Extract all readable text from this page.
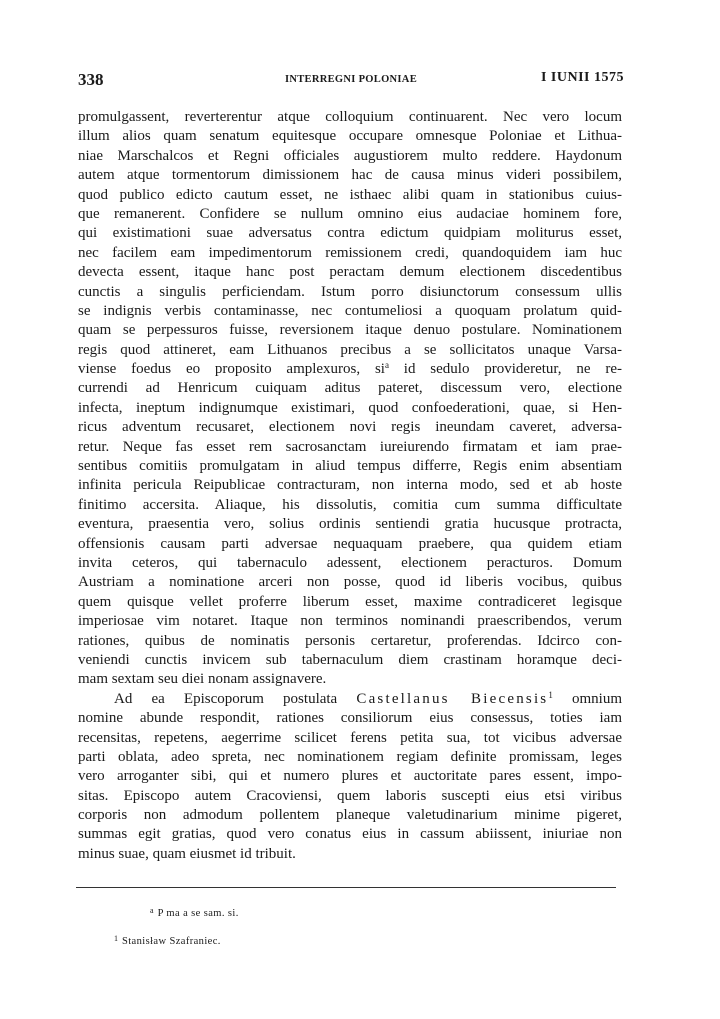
338	INTERREGNI POLONIAE	I IUNII 1575
promulgassent, reverterentur atque colloquium continuarent. Nec vero locum
illum alios quam senatum equitesque occupare omnesque Poloniae et Lithua-
niae Marschalcos et Regni officiales augustiorem multo reddere. Haydonum
autem atque tormentorum dimissionem hac de causa minus videri possibilem,
quod publico edicto cautum esset, ne isthaec alibi quam in stationibus cuius-
que remanerent. Confidere se nullum omnino eius audaciae hominem fore,
qui existimationi suae adversatus contra edictum quidpiam moliturus esset,
nec facilem eam impedimentorum remissionem credi, quandoquidem iam huc
devecta essent, itaque hanc post peractam demum electionem discedentibus
cunctis a singulis perficiendam. Istum porro disiunctorum consessum ullis
se indignis verbis contaminasse, nec contumeliosi a quoquam prolatum quid-
quam se perpessuros fuisse, reversionem itaque denuo postulare. Nominationem
regis quod attineret, eam Lithuanos precibus a se sollicitatos unaque Varsa-
viense foedus eo proposito amplexuros, $si^a$ id sedulo provideretur, ne re-
currendi ad Henricum cuiquam aditus pateret, discessum vero, electione
infecta, ineptum indignumque existimari, quod confoederationi, quae, si Hen-
ricus adventum recusaret, electionem novi regis ineundam caveret, adversa-
retur. Neque fas esset rem sacrosanctam iureiurendo firmatam et iam prae-
sentibus comitiis promulgatam in aliud tempus differre, Regis enim absentiam
infinita pericula Reipublicae contracturam, non interna modo, sed et ab hoste
finitimo accersita. Aliaque, his dissolutis, comitia cum summa difficultate
eventura, praesentia vero, solius ordinis sentiendi gratia hucusque protracta,
offensionis causam parti adversae nequaquam praebere, qua quidem etiam
invita ceteros, qui tabernaculo adessent, electionem peracturos. Domum
Austriam a nominatione arceri non posse, quod id liberis vocibus, quibus
quem quisque vellet proferre liberum esset, maxime contradiceret legisque
imperiosae vim notaret. Itaque non terminos nominandi praescribendos, verum
rationes, quibus de nominatis personis certaretur, proferendas. Idcirco con-
veniendi cunctis invicem sub tabernaculum diem crastinam horamque deci-
mam sextam seu diei nonam assignavere.
Ad ea Episcoporum postulata Castellanus Biecensis$^1$ omnium
nomine abunde respondit, rationes consiliorum eius consessus, toties iam
recensitas, repetens, aegerrime scilicet ferens petita sua, tot vicibus adversae
parti oblata, adeo spreta, nec nominationem regiam definite promissam, leges
vero arroganter sibi, qui et numero plures et auctoritate pares essent, impo-
sitas. Episcopo autem Cracoviensi, quem laboris suscepti eius etsi viribus
corporis non admodum pollentem planeque valetudinarium minime pigeret,
summas egit gratias, quod vero conatus eius in cassum abiissent, iniuriae non
minus suae, quam eiusmet id tribuit.
$^a$ P ma a se sam. si.
$^1$ Stanisław Szafraniec.
